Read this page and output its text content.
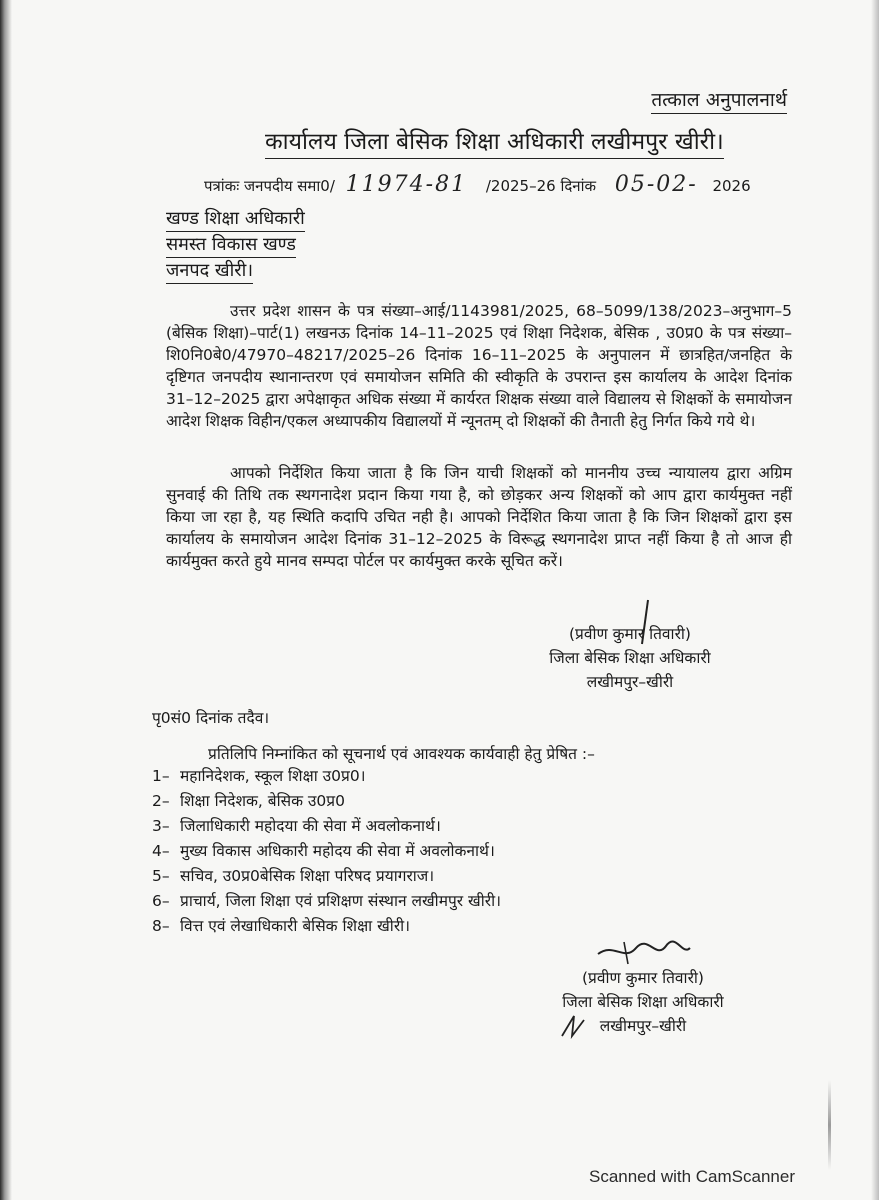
तत्काल अनुपालनार्थ
कार्यालय जिला बेसिक शिक्षा अधिकारी लखीमपुर खीरी।
पत्रांकः जनपदीय समा0/ 11974-81 /2025–26 दिनांक 05-02- 2026
खण्ड शिक्षा अधिकारी
समस्त विकास खण्ड
जनपद खीरी।

उत्तर प्रदेश शासन के पत्र संख्या–आई/1143981/2025, 68–5099/138/2023–अनुभाग–5 (बेसिक शिक्षा)–पार्ट(1) लखनऊ दिनांक 14–11–2025 एवं शिक्षा निदेशक, बेसिक , उ0प्र0 के पत्र संख्या– शि0नि0बे0/47970–48217/2025–26 दिनांक 16–11–2025 के अनुपालन में छात्रहित/जनहित के दृष्टिगत जनपदीय स्थानान्तरण एवं समायोजन समिति की स्वीकृति के उपरान्त इस कार्यालय के आदेश दिनांक 31–12–2025 द्वारा अपेक्षाकृत अधिक संख्या में कार्यरत शिक्षक संख्या वाले विद्यालय से शिक्षकों के समायोजन आदेश शिक्षक विहीन/एकल अध्यापकीय विद्यालयों में न्यूनतम् दो शिक्षकों की तैनाती हेतु निर्गत किये गये थे।

आपको निर्देशित किया जाता है कि जिन याची शिक्षकों को माननीय उच्च न्यायालय द्वारा अग्रिम सुनवाई की तिथि तक स्थगनादेश प्रदान किया गया है, को छोड़कर अन्य शिक्षकों को आप द्वारा कार्यमुक्त नहीं किया जा रहा है, यह स्थिति कदापि उचित नही है। आपको निर्देशित किया जाता है कि जिन शिक्षकों द्वारा इस कार्यालय के समायोजन आदेश दिनांक 31–12–2025 के विरूद्ध स्थगनादेश प्राप्त नहीं किया है तो आज ही कार्यमुक्त करते हुये मानव सम्पदा पोर्टल पर कार्यमुक्त करके सूचित करें।

(प्रवीण कुमार तिवारी)
जिला बेसिक शिक्षा अधिकारी
लखीमपुर–खीरी
पृ0सं0 दिनांक तदैव।
प्रतिलिपि निम्नांकित को सूचनार्थ एवं आवश्यक कार्यवाही हेतु प्रेषित :–
1– महानिदेशक, स्कूल शिक्षा उ0प्र0।
2– शिक्षा निदेशक, बेसिक उ0प्र0
3– जिलाधिकारी महोदया की सेवा में अवलोकनार्थ।
4– मुख्य विकास अधिकारी महोदय की सेवा में अवलोकनार्थ।
5– सचिव, उ0प्र0बेसिक शिक्षा परिषद प्रयागराज।
6– प्राचार्य, जिला शिक्षा एवं प्रशिक्षण संस्थान लखीमपुर खीरी।
8– वित्त एवं लेखाधिकारी बेसिक शिक्षा खीरी।
(प्रवीण कुमार तिवारी)
जिला बेसिक शिक्षा अधिकारी
लखीमपुर–खीरी
Scanned with CamScanner
